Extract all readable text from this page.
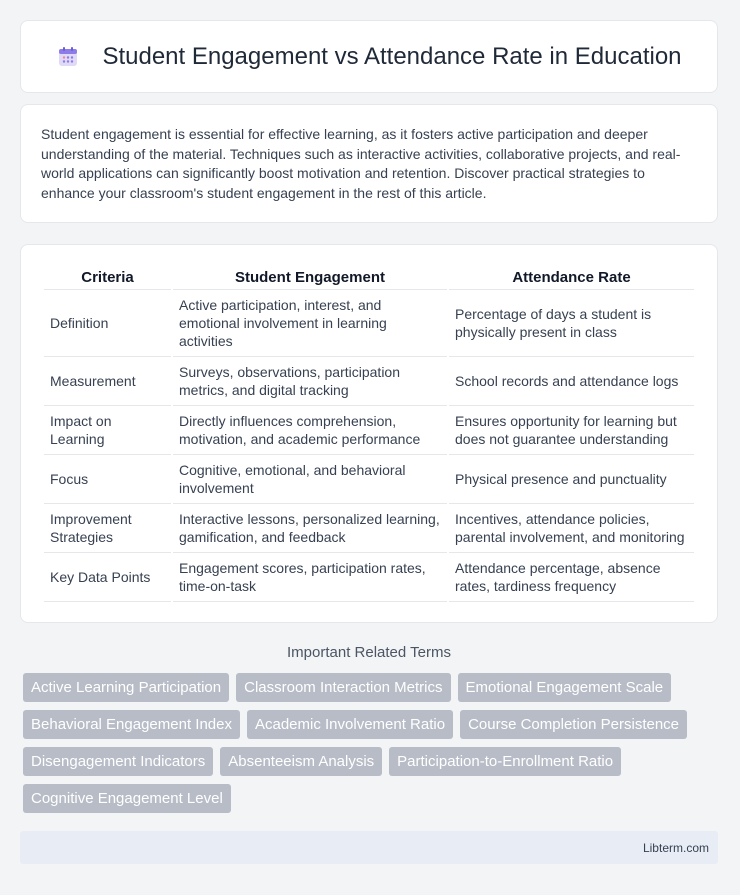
Student Engagement vs Attendance Rate in Education

Student engagement is essential for effective learning, as it fosters active participation and deeper understanding of the material. Techniques such as interactive activities, collaborative projects, and real-world applications can significantly boost motivation and retention. Discover practical strategies to enhance your classroom's student engagement in the rest of this article.

Criteria	Student Engagement	Attendance Rate
Definition	Active participation, interest, and emotional involvement in learning activities	Percentage of days a student is physically present in class
Measurement	Surveys, observations, participation metrics, and digital tracking	School records and attendance logs
Impact on Learning	Directly influences comprehension, motivation, and academic performance	Ensures opportunity for learning but does not guarantee understanding
Focus	Cognitive, emotional, and behavioral involvement	Physical presence and punctuality
Improvement Strategies	Interactive lessons, personalized learning, gamification, and feedback	Incentives, attendance policies, parental involvement, and monitoring
Key Data Points	Engagement scores, participation rates, time-on-task	Attendance percentage, absence rates, tardiness frequency
Important Related Terms
Active Learning Participation	Classroom Interaction Metrics	Emotional Engagement Scale
Behavioral Engagement Index	Academic Involvement Ratio	Course Completion Persistence
Disengagement Indicators	Absenteeism Analysis	Participation-to-Enrollment Ratio
Cognitive Engagement Level
Libterm.com
